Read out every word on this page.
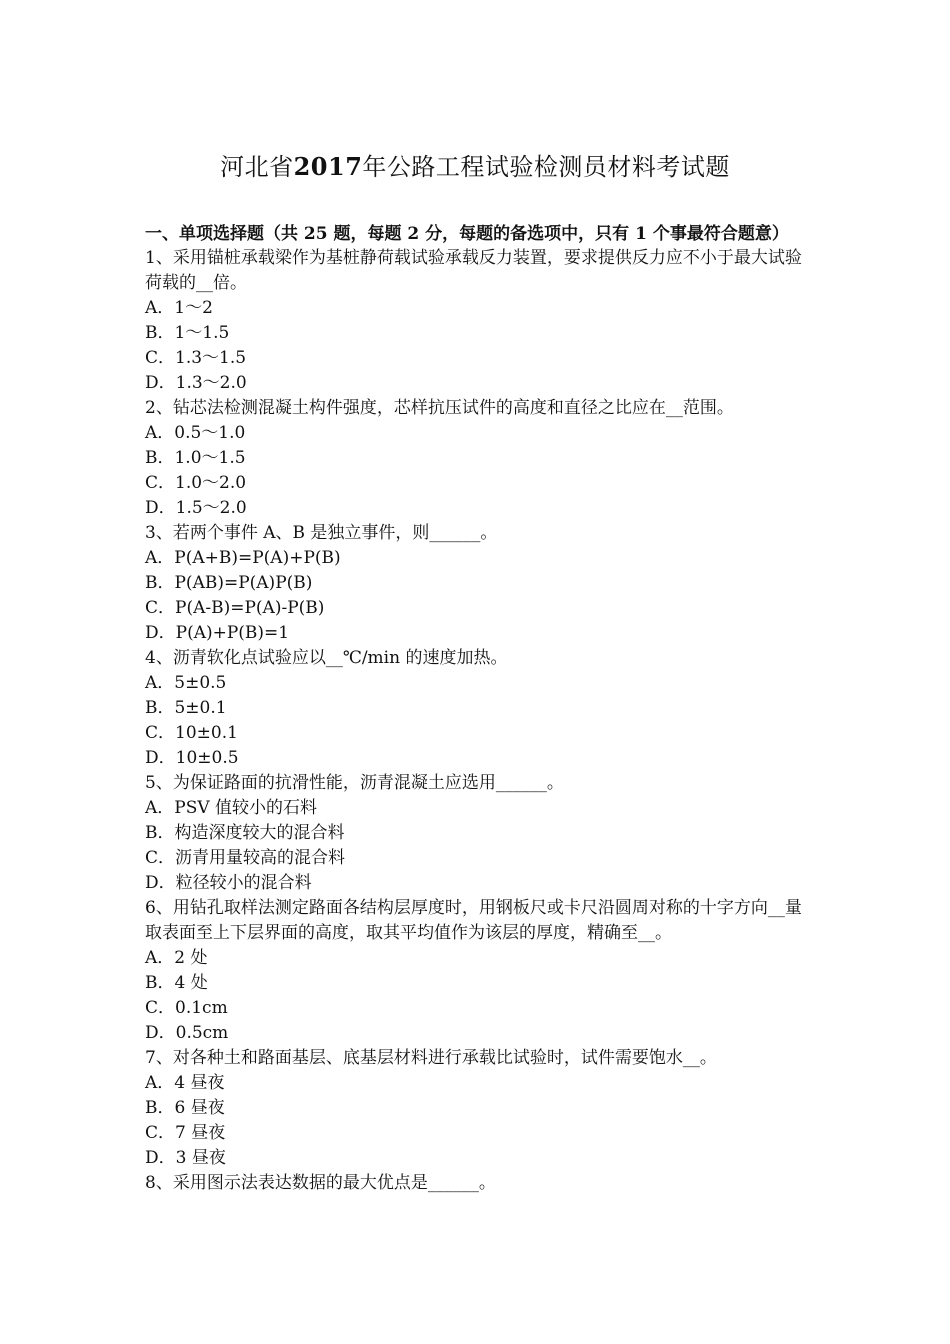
河北省2017年公路工程试验检测员材料考试题

一、单项选择题（共 25 题，每题 2 分，每题的备选项中，只有 1 个事最符合题意）

1、采用锚桩承载梁作为基桩静荷载试验承载反力装置，要求提供反力应不小于最大试验荷载的__倍。

A．1～2

B．1～1.5

C．1.3～1.5

D．1.3～2.0

2、钻芯法检测混凝土构件强度，芯样抗压试件的高度和直径之比应在__范围。

A．0.5～1.0

B．1.0～1.5

C．1.0～2.0

D．1.5～2.0

3、若两个事件 A、B 是独立事件，则______。

A．P(A+B)=P(A)+P(B)

B．P(AB)=P(A)P(B)

C．P(A-B)=P(A)-P(B)

D．P(A)+P(B)=1

4、沥青软化点试验应以__℃/min 的速度加热。

A．5±0.5

B．5±0.1

C．10±0.1

D．10±0.5

5、为保证路面的抗滑性能，沥青混凝土应选用______。

A．PSV 值较小的石料

B．构造深度较大的混合料

C．沥青用量较高的混合料

D．粒径较小的混合料

6、用钻孔取样法测定路面各结构层厚度时，用钢板尺或卡尺沿圆周对称的十字方向__量取表面至上下层界面的高度，取其平均值作为该层的厚度，精确至__。

A．2 处

B．4 处

C．0.1cm

D．0.5cm

7、对各种土和路面基层、底基层材料进行承载比试验时，试件需要饱水__。

A．4 昼夜

B．6 昼夜

C．7 昼夜

D．3 昼夜

8、采用图示法表达数据的最大优点是______。
